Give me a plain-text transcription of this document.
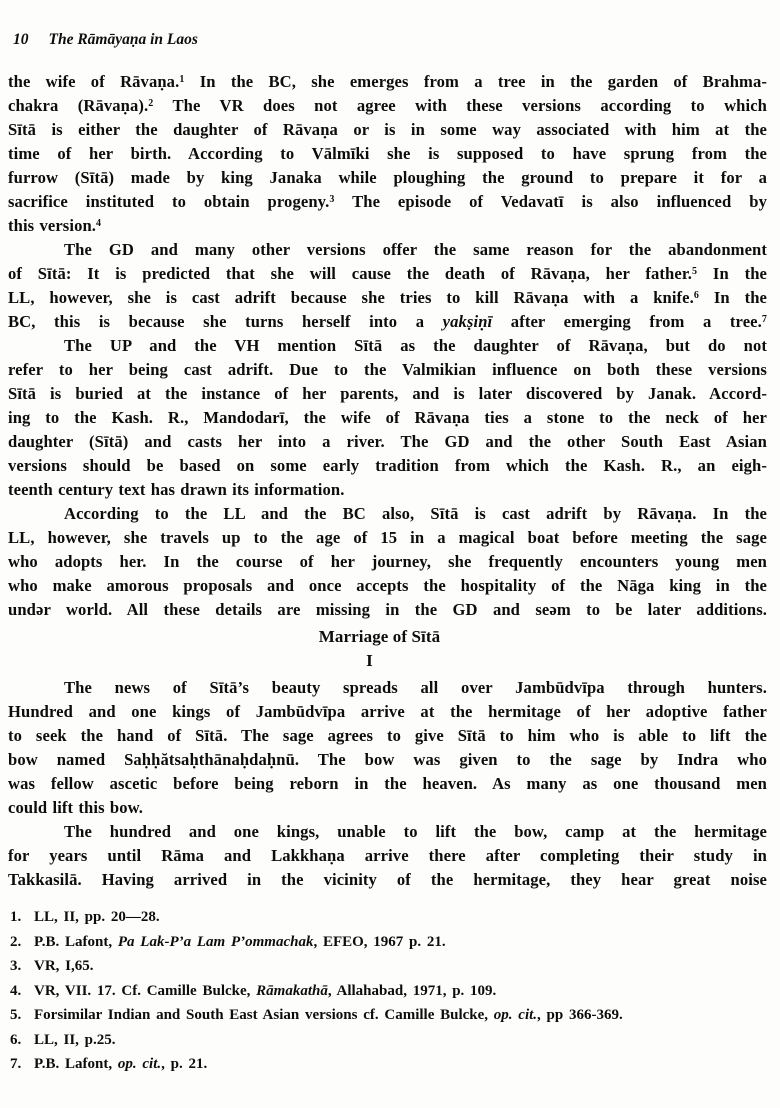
10 The Rāmāyaṇa in Laos

the wife of Rāvaṇa.$^1$ In the BC, she emerges from a tree in the garden of Brahma-
chakra (Rāvaṇa).$^2$ The VR does not agree with these versions according to which
Sītā is either the daughter of Rāvaṇa or is in some way associated with him at the
time of her birth. According to Vālmīki she is supposed to have sprung from the
furrow (Sītā) made by king Janaka while ploughing the ground to prepare it for a
sacrifice instituted to obtain progeny.$^3$ The episode of Vedavatī is also influenced by
this version.$^4$

The GD and many other versions offer the same reason for the abandonment
of Sītā: It is predicted that she will cause the death of Rāvaṇa, her father.$^5$ In the
LL, however, she is cast adrift because she tries to kill Rāvaṇa with a knife.$^6$ In the
BC, this is because she turns herself into a yakṣiṇī after emerging from a tree.$^7$

The UP and the VH mention Sītā as the daughter of Rāvaṇa, but do not
refer to her being cast adrift. Due to the Valmikian influence on both these versions
Sītā is buried at the instance of her parents, and is later discovered by Janak. Accord-
ing to the Kash. R., Mandodarī, the wife of Rāvaṇa ties a stone to the neck of her
daughter (Sītā) and casts her into a river. The GD and the other South East Asian
versions should be based on some early tradition from which the Kash. R., an eigh-
teenth century text has drawn its information.

According to the LL and the BC also, Sītā is cast adrift by Rāvaṇa. In the
LL, however, she travels up to the age of 15 in a magical boat before meeting the sage
who adopts her. In the course of her journey, she frequently encounters young men
who make amorous proposals and once accepts the hospitality of the Nāga king in the
undər world. All these details are missing in the GD and seəm to be later additions.

Marriage of Sītā
I

The news of Sītā’s beauty spreads all over Jambūdvīpa through hunters.
Hundred and one kings of Jambūdvīpa arrive at the hermitage of her adoptive father
to seek the hand of Sītā. The sage agrees to give Sītā to him who is able to lift the
bow named Saḥḥătsaḥthānaḥdaḥnū. The bow was given to the sage by Indra who
was fellow ascetic before being reborn in the heaven. As many as one thousand men
could lift this bow.

The hundred and one kings, unable to lift the bow, camp at the hermitage
for years until Rāma and Lakkhaṇa arrive there after completing their study in
Takkasilā. Having arrived in the vicinity of the hermitage, they hear great noise

1. LL, II, pp. 20—28.
2. P.B. Lafont, Pa Lak-P’a Lam P’ommachak, EFEO, 1967 p. 21.
3. VR, I,65.
4. VR, VII. 17. Cf. Camille Bulcke, Rāmakathā, Allahabad, 1971, p. 109.
5. Forsimilar Indian and South East Asian versions cf. Camille Bulcke, op. cit., pp 366-369.
6. LL, II, p.25.
7. P.B. Lafont, op. cit., p. 21.
